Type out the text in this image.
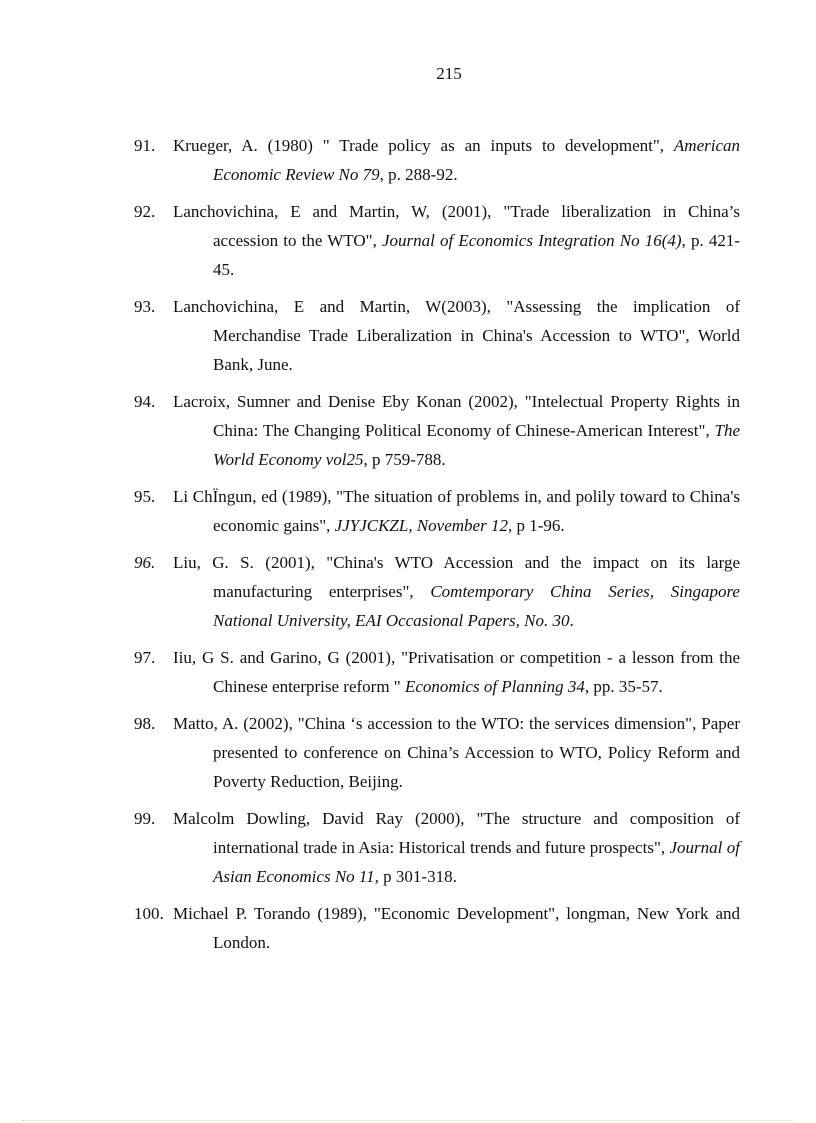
215
91.	Krueger, A. (1980) " Trade policy as an inputs to development", American Economic Review No 79, p. 288-92.
92.	Lanchovichina, E and Martin, W, (2001), "Trade liberalization in China’s accession to the WTO", Journal of Economics Integration No 16(4), p. 421-45.
93.	Lanchovichina, E and Martin, W(2003), "Assessing the implication of Merchandise Trade Liberalization in China's Accession to WTO", World Bank, June.
94.	Lacroix, Sumner and Denise Eby Konan (2002), "Intelectual Property Rights in China: The Changing Political Economy of Chinese-American Interest", The World Economy vol25, p 759-788.
95.	Li ChÏngun, ed (1989), "The situation of problems in, and polily toward to China's economic gains", JJYJCKZL, November 12, p 1-96.
96.	Liu, G. S. (2001), "China's WTO Accession and the impact on its large manufacturing enterprises", Comtemporary China Series, Singapore National University, EAI Occasional Papers, No. 30.
97.	Iiu, G S. and Garino, G (2001), "Privatisation or competition - a lesson from the Chinese enterprise reform " Economics of Planning 34, pp. 35-57.
98.	Matto, A. (2002), "China ‘s accession to the WTO: the services dimension", Paper presented to conference on China’s Accession to WTO, Policy Reform and Poverty Reduction, Beijing.
99.	Malcolm Dowling, David Ray (2000), "The structure and composition of international trade in Asia: Historical trends and future prospects", Journal of Asian Economics No 11, p 301-318.
100. Michael P. Torando (1989), "Economic Development", longman, New York and London.
